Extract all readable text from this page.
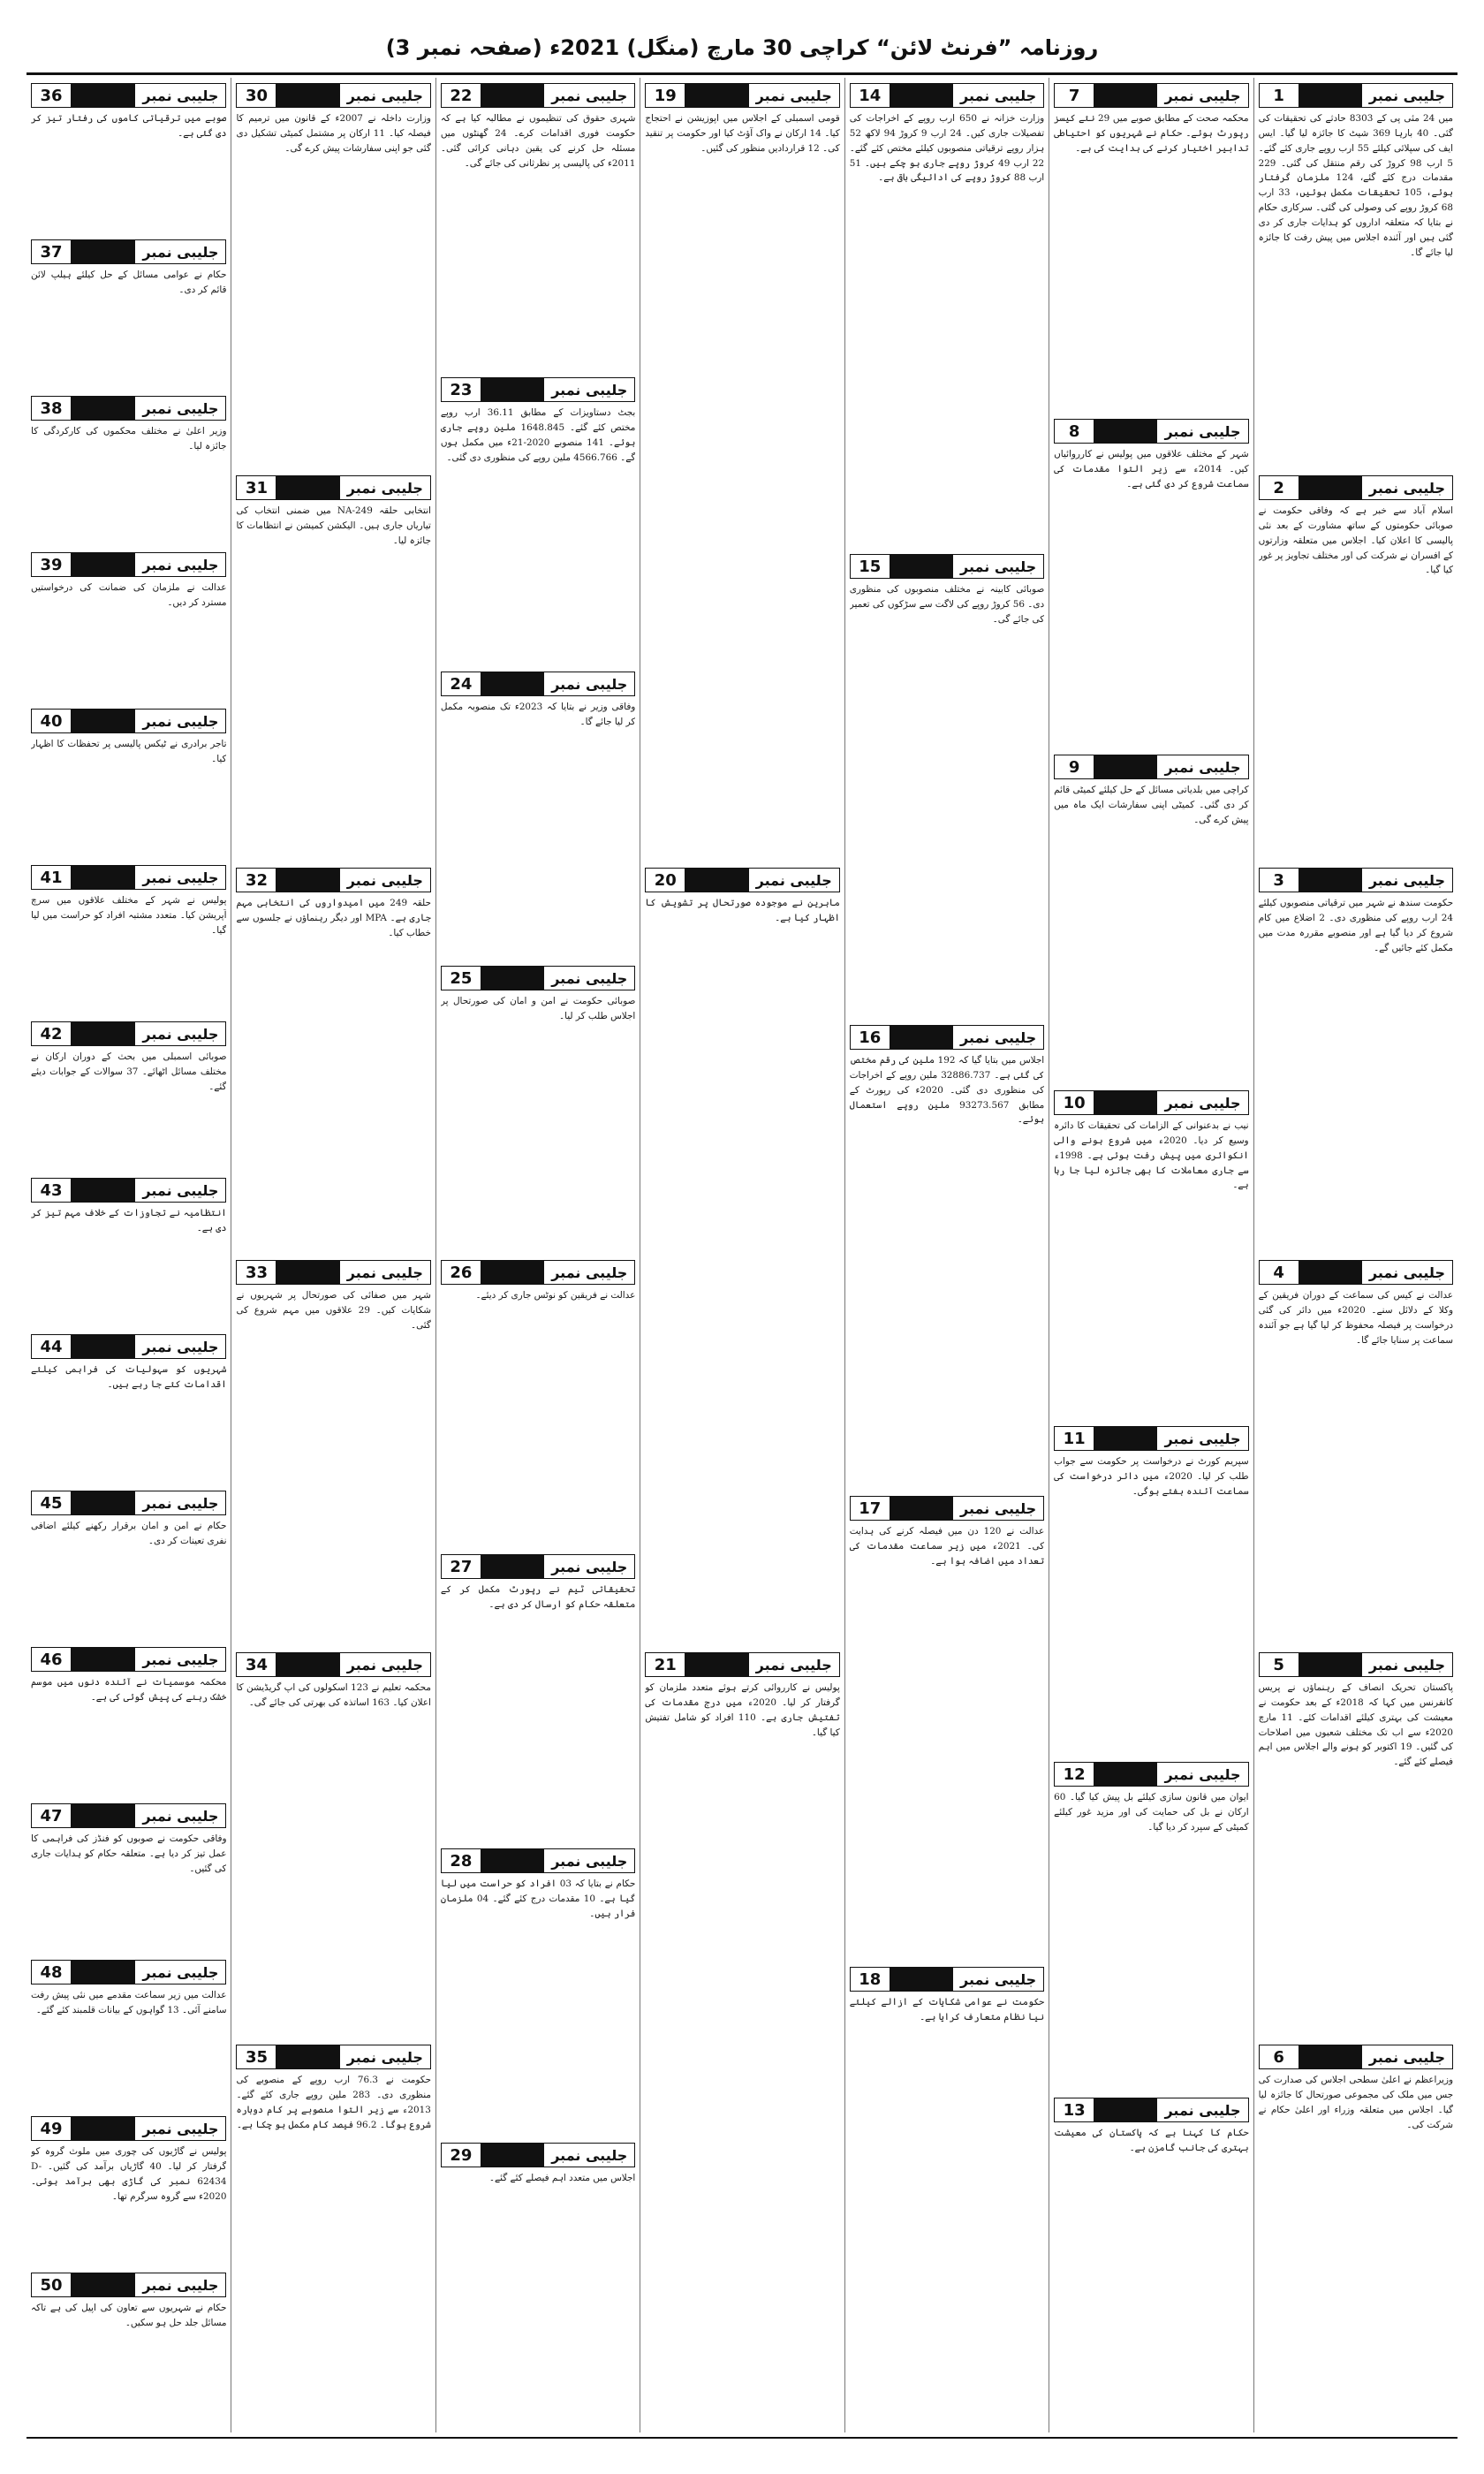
روزنامہ ”فرنٹ لائن“ کراچی 30 مارچ (منگل) 2021ء (صفحہ نمبر 3)
جلیبی نمبر
1
میں 24 مئی پی کے 8303 حادثے کی تحقیقات کی گئی۔ 40 بارہا 369 شیٹ کا جائزہ لیا گیا۔ ایس ایف کی سپلائی کیلئے 55 ارب روپے جاری کئے گئے۔ 5 ارب 98 کروڑ کی رقم منتقل کی گئی۔ 229 مقدمات درج کئے گئے، 124 ملزمان گرفتار ہوئے، 105 تحقیقات مکمل ہوئیں، 33 ارب 68 کروڑ روپے کی وصولی کی گئی۔ سرکاری حکام نے بتایا کہ متعلقہ اداروں کو ہدایات جاری کر دی گئی ہیں اور آئندہ اجلاس میں پیش رفت کا جائزہ لیا جائے گا۔
جلیبی نمبر
2
اسلام آباد سے خبر ہے کہ وفاقی حکومت نے صوبائی حکومتوں کے ساتھ مشاورت کے بعد نئی پالیسی کا اعلان کیا۔ اجلاس میں متعلقہ وزارتوں کے افسران نے شرکت کی اور مختلف تجاویز پر غور کیا گیا۔
جلیبی نمبر
3
حکومت سندھ نے شہر میں ترقیاتی منصوبوں کیلئے 24 ارب روپے کی منظوری دی۔ 2 اضلاع میں کام شروع کر دیا گیا ہے اور منصوبے مقررہ مدت میں مکمل کئے جائیں گے۔
جلیبی نمبر
4
عدالت نے کیس کی سماعت کے دوران فریقین کے وکلا کے دلائل سنے۔ 2020ء میں دائر کی گئی درخواست پر فیصلہ محفوظ کر لیا گیا ہے جو آئندہ سماعت پر سنایا جائے گا۔
جلیبی نمبر
5
پاکستان تحریک انصاف کے رہنماؤں نے پریس کانفرنس میں کہا کہ 2018ء کے بعد حکومت نے معیشت کی بہتری کیلئے اقدامات کئے۔ 11 مارچ 2020ء سے اب تک مختلف شعبوں میں اصلاحات کی گئیں۔ 19 اکتوبر کو ہونے والے اجلاس میں اہم فیصلے کئے گئے۔
جلیبی نمبر
6
وزیراعظم نے اعلیٰ سطحی اجلاس کی صدارت کی جس میں ملک کی مجموعی صورتحال کا جائزہ لیا گیا۔ اجلاس میں متعلقہ وزراء اور اعلیٰ حکام نے شرکت کی۔
جلیبی نمبر
7
محکمہ صحت کے مطابق صوبے میں 29 نئے کیسز رپورٹ ہوئے۔ حکام نے شہریوں کو احتیاطی تدابیر اختیار کرنے کی ہدایت کی ہے۔
جلیبی نمبر
8
شہر کے مختلف علاقوں میں پولیس نے کارروائیاں کیں۔ 2014ء سے زیر التوا مقدمات کی سماعت شروع کر دی گئی ہے۔
جلیبی نمبر
9
کراچی میں بلدیاتی مسائل کے حل کیلئے کمیٹی قائم کر دی گئی۔ کمیٹی اپنی سفارشات ایک ماہ میں پیش کرے گی۔
جلیبی نمبر
10
نیب نے بدعنوانی کے الزامات کی تحقیقات کا دائرہ وسیع کر دیا۔ 2020ء میں شروع ہونے والی انکوائری میں پیش رفت ہوئی ہے۔ 1998ء سے جاری معاملات کا بھی جائزہ لیا جا رہا ہے۔
جلیبی نمبر
11
سپریم کورٹ نے درخواست پر حکومت سے جواب طلب کر لیا۔ 2020ء میں دائر درخواست کی سماعت آئندہ ہفتے ہوگی۔
جلیبی نمبر
12
ایوان میں قانون سازی کیلئے بل پیش کیا گیا۔ 60 ارکان نے بل کی حمایت کی اور مزید غور کیلئے کمیٹی کے سپرد کر دیا گیا۔
جلیبی نمبر
13
حکام کا کہنا ہے کہ پاکستان کی معیشت بہتری کی جانب گامزن ہے۔
جلیبی نمبر
14
وزارت خزانہ نے 650 ارب روپے کے اخراجات کی تفصیلات جاری کیں۔ 24 ارب 9 کروڑ 94 لاکھ 52 ہزار روپے ترقیاتی منصوبوں کیلئے مختص کئے گئے۔ 22 ارب 49 کروڑ روپے جاری ہو چکے ہیں۔ 51 ارب 88 کروڑ روپے کی ادائیگی باقی ہے۔
جلیبی نمبر
15
صوبائی کابینہ نے مختلف منصوبوں کی منظوری دی۔ 56 کروڑ روپے کی لاگت سے سڑکوں کی تعمیر کی جائے گی۔
جلیبی نمبر
16
اجلاس میں بتایا گیا کہ 192 ملین کی رقم مختص کی گئی ہے۔ 32886.737 ملین روپے کے اخراجات کی منظوری دی گئی۔ 2020ء کی رپورٹ کے مطابق 93273.567 ملین روپے استعمال ہوئے۔
جلیبی نمبر
17
عدالت نے 120 دن میں فیصلہ کرنے کی ہدایت کی۔ 2021ء میں زیر سماعت مقدمات کی تعداد میں اضافہ ہوا ہے۔
جلیبی نمبر
18
حکومت نے عوامی شکایات کے ازالے کیلئے نیا نظام متعارف کرایا ہے۔
جلیبی نمبر
19
قومی اسمبلی کے اجلاس میں اپوزیشن نے احتجاج کیا۔ 14 ارکان نے واک آؤٹ کیا اور حکومت پر تنقید کی۔ 12 قراردادیں منظور کی گئیں۔
جلیبی نمبر
20
ماہرین نے موجودہ صورتحال پر تشویش کا اظہار کیا ہے۔
جلیبی نمبر
21
پولیس نے کارروائی کرتے ہوئے متعدد ملزمان کو گرفتار کر لیا۔ 2020ء میں درج مقدمات کی تفتیش جاری ہے۔ 110 افراد کو شامل تفتیش کیا گیا۔
جلیبی نمبر
22
شہری حقوق کی تنظیموں نے مطالبہ کیا ہے کہ حکومت فوری اقدامات کرے۔ 24 گھنٹوں میں مسئلہ حل کرنے کی یقین دہانی کرائی گئی۔ 2011ء کی پالیسی پر نظرثانی کی جائے گی۔
جلیبی نمبر
23
بجٹ دستاویزات کے مطابق 36.11 ارب روپے مختص کئے گئے۔ 1648.845 ملین روپے جاری ہوئے۔ 141 منصوبے 2020-21ء میں مکمل ہوں گے۔ 4566.766 ملین روپے کی منظوری دی گئی۔
جلیبی نمبر
24
وفاقی وزیر نے بتایا کہ 2023ء تک منصوبہ مکمل کر لیا جائے گا۔
جلیبی نمبر
25
صوبائی حکومت نے امن و امان کی صورتحال پر اجلاس طلب کر لیا۔
جلیبی نمبر
26
عدالت نے فریقین کو نوٹس جاری کر دیئے۔
جلیبی نمبر
27
تحقیقاتی ٹیم نے رپورٹ مکمل کر کے متعلقہ حکام کو ارسال کر دی ہے۔
جلیبی نمبر
28
حکام نے بتایا کہ 03 افراد کو حراست میں لیا گیا ہے۔ 10 مقدمات درج کئے گئے۔ 04 ملزمان فرار ہیں۔
جلیبی نمبر
29
اجلاس میں متعدد اہم فیصلے کئے گئے۔
جلیبی نمبر
30
وزارت داخلہ نے 2007ء کے قانون میں ترمیم کا فیصلہ کیا۔ 11 ارکان پر مشتمل کمیٹی تشکیل دی گئی جو اپنی سفارشات پیش کرے گی۔
جلیبی نمبر
31
انتخابی حلقہ NA-249 میں ضمنی انتخاب کی تیاریاں جاری ہیں۔ الیکشن کمیشن نے انتظامات کا جائزہ لیا۔
جلیبی نمبر
32
حلقہ 249 میں امیدواروں کی انتخابی مہم جاری ہے۔ MPA اور دیگر رہنماؤں نے جلسوں سے خطاب کیا۔
جلیبی نمبر
33
شہر میں صفائی کی صورتحال پر شہریوں نے شکایات کیں۔ 29 علاقوں میں مہم شروع کی گئی۔
جلیبی نمبر
34
محکمہ تعلیم نے 123 اسکولوں کی اپ گریڈیشن کا اعلان کیا۔ 163 اساتذہ کی بھرتی کی جائے گی۔
جلیبی نمبر
35
حکومت نے 76.3 ارب روپے کے منصوبے کی منظوری دی۔ 283 ملین روپے جاری کئے گئے۔ 2013ء سے زیر التوا منصوبے پر کام دوبارہ شروع ہوگا۔ 96.2 فیصد کام مکمل ہو چکا ہے۔
جلیبی نمبر
36
صوبے میں ترقیاتی کاموں کی رفتار تیز کر دی گئی ہے۔
جلیبی نمبر
37
حکام نے عوامی مسائل کے حل کیلئے ہیلپ لائن قائم کر دی۔
جلیبی نمبر
38
وزیر اعلیٰ نے مختلف محکموں کی کارکردگی کا جائزہ لیا۔
جلیبی نمبر
39
عدالت نے ملزمان کی ضمانت کی درخواستیں مسترد کر دیں۔
جلیبی نمبر
40
تاجر برادری نے ٹیکس پالیسی پر تحفظات کا اظہار کیا۔
جلیبی نمبر
41
پولیس نے شہر کے مختلف علاقوں میں سرچ آپریشن کیا۔ متعدد مشتبہ افراد کو حراست میں لیا گیا۔
جلیبی نمبر
42
صوبائی اسمبلی میں بحث کے دوران ارکان نے مختلف مسائل اٹھائے۔ 37 سوالات کے جوابات دیئے گئے۔
جلیبی نمبر
43
انتظامیہ نے تجاوزات کے خلاف مہم تیز کر دی ہے۔
جلیبی نمبر
44
شہریوں کو سہولیات کی فراہمی کیلئے اقدامات کئے جا رہے ہیں۔
جلیبی نمبر
45
حکام نے امن و امان برقرار رکھنے کیلئے اضافی نفری تعینات کر دی۔
جلیبی نمبر
46
محکمہ موسمیات نے آئندہ دنوں میں موسم خشک رہنے کی پیش گوئی کی ہے۔
جلیبی نمبر
47
وفاقی حکومت نے صوبوں کو فنڈز کی فراہمی کا عمل تیز کر دیا ہے۔ متعلقہ حکام کو ہدایات جاری کی گئیں۔
جلیبی نمبر
48
عدالت میں زیر سماعت مقدمے میں نئی پیش رفت سامنے آئی۔ 13 گواہوں کے بیانات قلمبند کئے گئے۔
جلیبی نمبر
49
پولیس نے گاڑیوں کی چوری میں ملوث گروہ کو گرفتار کر لیا۔ 40 گاڑیاں برآمد کی گئیں۔ D-62434 نمبر کی گاڑی بھی برآمد ہوئی۔ 2020ء سے گروہ سرگرم تھا۔
جلیبی نمبر
50
حکام نے شہریوں سے تعاون کی اپیل کی ہے تاکہ مسائل جلد حل ہو سکیں۔
